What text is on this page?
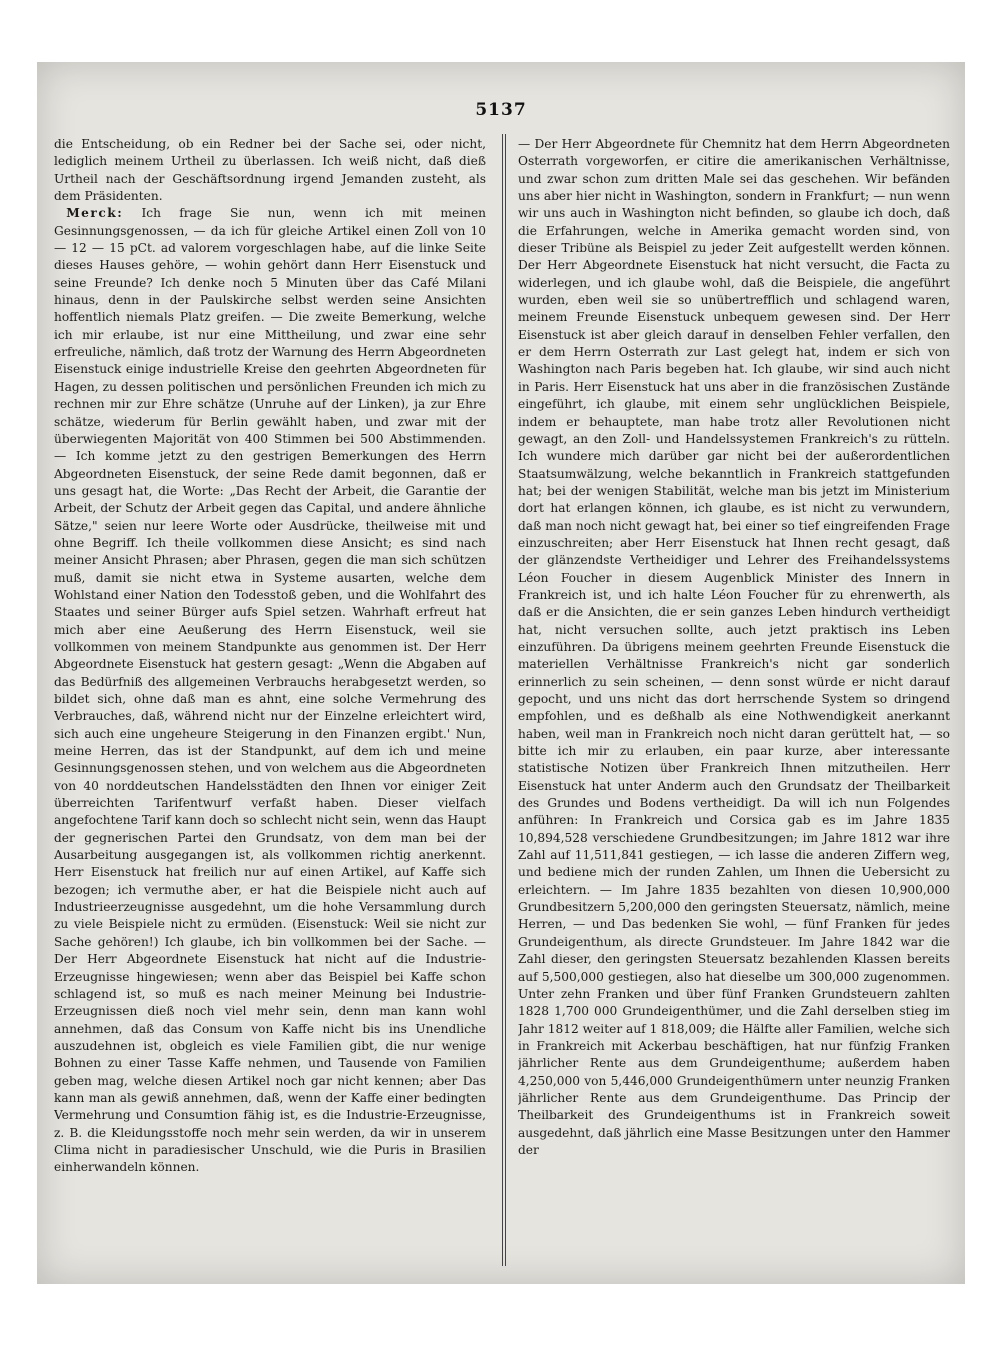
5137

die Entscheidung, ob ein Redner bei der Sache sei, oder nicht, lediglich meinem Urtheil zu überlassen. Ich weiß nicht, daß dieß Urtheil nach der Geschäftsordnung irgend Jemanden zusteht, als dem Präsidenten.

 Merck: Ich frage Sie nun, wenn ich mit meinen Gesinnungsgenossen, — da ich für gleiche Artikel einen Zoll von 10 — 12 — 15 pCt. ad valorem vorgeschlagen habe, auf die linke Seite dieses Hauses gehöre, — wohin gehört dann Herr Eisenstuck und seine Freunde? Ich denke noch 5 Minuten über das Café Milani hinaus, denn in der Paulskirche selbst werden seine Ansichten hoffentlich niemals Platz greifen. — Die zweite Bemerkung, welche ich mir erlaube, ist nur eine Mittheilung, und zwar eine sehr erfreuliche, nämlich, daß trotz der Warnung des Herrn Abgeordneten Eisenstuck einige industrielle Kreise den geehrten Abgeordneten für Hagen, zu dessen politischen und persönlichen Freunden ich mich zu rechnen mir zur Ehre schätze (Unruhe auf der Linken), ja zur Ehre schätze, wiederum für Berlin gewählt haben, und zwar mit der überwiegenten Majorität von 400 Stimmen bei 500 Abstimmenden. — Ich komme jetzt zu den gestrigen Bemerkungen des Herrn Abgeordneten Eisenstuck, der seine Rede damit begonnen, daß er uns gesagt hat, die Worte: „Das Recht der Arbeit, die Garantie der Arbeit, der Schutz der Arbeit gegen das Capital, und andere ähnliche Sätze," seien nur leere Worte oder Ausdrücke, theilweise mit und ohne Begriff. Ich theile vollkommen diese Ansicht; es sind nach meiner Ansicht Phrasen; aber Phrasen, gegen die man sich schützen muß, damit sie nicht etwa in Systeme ausarten, welche dem Wohlstand einer Nation den Todesstoß geben, und die Wohlfahrt des Staates und seiner Bürger aufs Spiel setzen. Wahrhaft erfreut hat mich aber eine Aeußerung des Herrn Eisenstuck, weil sie vollkommen von meinem Standpunkte aus genommen ist. Der Herr Abgeordnete Eisenstuck hat gestern gesagt: „Wenn die Abgaben auf das Bedürfniß des allgemeinen Verbrauchs herabgesetzt werden, so bildet sich, ohne daß man es ahnt, eine solche Vermehrung des Verbrauches, daß, während nicht nur der Einzelne erleichtert wird, sich auch eine ungeheure Steigerung in den Finanzen ergibt.' Nun, meine Herren, das ist der Standpunkt, auf dem ich und meine Gesinnungsgenossen stehen, und von welchem aus die Abgeordneten von 40 norddeutschen Handelsstädten den Ihnen vor einiger Zeit überreichten Tarifentwurf verfaßt haben. Dieser vielfach angefochtene Tarif kann doch so schlecht nicht sein, wenn das Haupt der gegnerischen Partei den Grundsatz, von dem man bei der Ausarbeitung ausgegangen ist, als vollkommen richtig anerkennt. Herr Eisenstuck hat freilich nur auf einen Artikel, auf Kaffe sich bezogen; ich vermuthe aber, er hat die Beispiele nicht auch auf Industrieerzeugnisse ausgedehnt, um die hohe Versammlung durch zu viele Beispiele nicht zu ermüden. (Eisenstuck: Weil sie nicht zur Sache gehören!) Ich glaube, ich bin vollkommen bei der Sache. — Der Herr Abgeordnete Eisenstuck hat nicht auf die Industrie-Erzeugnisse hingewiesen; wenn aber das Beispiel bei Kaffe schon schlagend ist, so muß es nach meiner Meinung bei Industrie-Erzeugnissen dieß noch viel mehr sein, denn man kann wohl annehmen, daß das Consum von Kaffe nicht bis ins Unendliche auszudehnen ist, obgleich es viele Familien gibt, die nur wenige Bohnen zu einer Tasse Kaffe nehmen, und Tausende von Familien geben mag, welche diesen Artikel noch gar nicht kennen; aber Das kann man als gewiß annehmen, daß, wenn der Kaffe einer bedingten Vermehrung und Consumtion fähig ist, es die Industrie-Erzeugnisse, z. B. die Kleidungsstoffe noch mehr sein werden, da wir in unserem Clima nicht in paradiesischer Unschuld, wie die Puris in Brasilien einherwandeln können.

— Der Herr Abgeordnete für Chemnitz hat dem Herrn Abgeordneten Osterrath vorgeworfen, er citire die amerikanischen Verhältnisse, und zwar schon zum dritten Male sei das geschehen. Wir befänden uns aber hier nicht in Washington, sondern in Frankfurt; — nun wenn wir uns auch in Washington nicht befinden, so glaube ich doch, daß die Erfahrungen, welche in Amerika gemacht worden sind, von dieser Tribüne als Beispiel zu jeder Zeit aufgestellt werden können. Der Herr Abgeordnete Eisenstuck hat nicht versucht, die Facta zu widerlegen, und ich glaube wohl, daß die Beispiele, die angeführt wurden, eben weil sie so unübertrefflich und schlagend waren, meinem Freunde Eisenstuck unbequem gewesen sind. Der Herr Eisenstuck ist aber gleich darauf in denselben Fehler verfallen, den er dem Herrn Osterrath zur Last gelegt hat, indem er sich von Washington nach Paris begeben hat. Ich glaube, wir sind auch nicht in Paris. Herr Eisenstuck hat uns aber in die französischen Zustände eingeführt, ich glaube, mit einem sehr unglücklichen Beispiele, indem er behauptete, man habe trotz aller Revolutionen nicht gewagt, an den Zoll- und Handelssystemen Frankreich's zu rütteln. Ich wundere mich darüber gar nicht bei der außerordentlichen Staatsumwälzung, welche bekanntlich in Frankreich stattgefunden hat; bei der wenigen Stabilität, welche man bis jetzt im Ministerium dort hat erlangen können, ich glaube, es ist nicht zu verwundern, daß man noch nicht gewagt hat, bei einer so tief eingreifenden Frage einzuschreiten; aber Herr Eisenstuck hat Ihnen recht gesagt, daß der glänzendste Vertheidiger und Lehrer des Freihandelssystems Léon Foucher in diesem Augenblick Minister des Innern in Frankreich ist, und ich halte Léon Foucher für zu ehrenwerth, als daß er die Ansichten, die er sein ganzes Leben hindurch vertheidigt hat, nicht versuchen sollte, auch jetzt praktisch ins Leben einzuführen. Da übrigens meinem geehrten Freunde Eisenstuck die materiellen Verhältnisse Frankreich's nicht gar sonderlich erinnerlich zu sein scheinen, — denn sonst würde er nicht darauf gepocht, und uns nicht das dort herrschende System so dringend empfohlen, und es deßhalb als eine Nothwendigkeit anerkannt haben, weil man in Frankreich noch nicht daran gerüttelt hat, — so bitte ich mir zu erlauben, ein paar kurze, aber interessante statistische Notizen über Frankreich Ihnen mitzutheilen. Herr Eisenstuck hat unter Anderm auch den Grundsatz der Theilbarkeit des Grundes und Bodens vertheidigt. Da will ich nun Folgendes anführen: In Frankreich und Corsica gab es im Jahre 1835 10,894,528 verschiedene Grundbesitzungen; im Jahre 1812 war ihre Zahl auf 11,511,841 gestiegen, — ich lasse die anderen Ziffern weg, und bediene mich der runden Zahlen, um Ihnen die Uebersicht zu erleichtern. — Im Jahre 1835 bezahlten von diesen 10,900,000 Grundbesitzern 5,200,000 den geringsten Steuersatz, nämlich, meine Herren, — und Das bedenken Sie wohl, — fünf Franken für jedes Grundeigenthum, als directe Grundsteuer. Im Jahre 1842 war die Zahl dieser, den geringsten Steuersatz bezahlenden Klassen bereits auf 5,500,000 gestiegen, also hat dieselbe um 300,000 zugenommen. Unter zehn Franken und über fünf Franken Grundsteuern zahlten 1828 1,700 000 Grundeigenthümer, und die Zahl derselben stieg im Jahr 1812 weiter auf 1 818,009; die Hälfte aller Familien, welche sich in Frankreich mit Ackerbau beschäftigen, hat nur fünfzig Franken jährlicher Rente aus dem Grundeigenthume; außerdem haben 4,250,000 von 5,446,000 Grundeigenthümern unter neunzig Franken jährlicher Rente aus dem Grundeigenthume. Das Princip der Theilbarkeit des Grundeigenthums ist in Frankreich soweit ausgedehnt, daß jährlich eine Masse Besitzungen unter den Hammer der
